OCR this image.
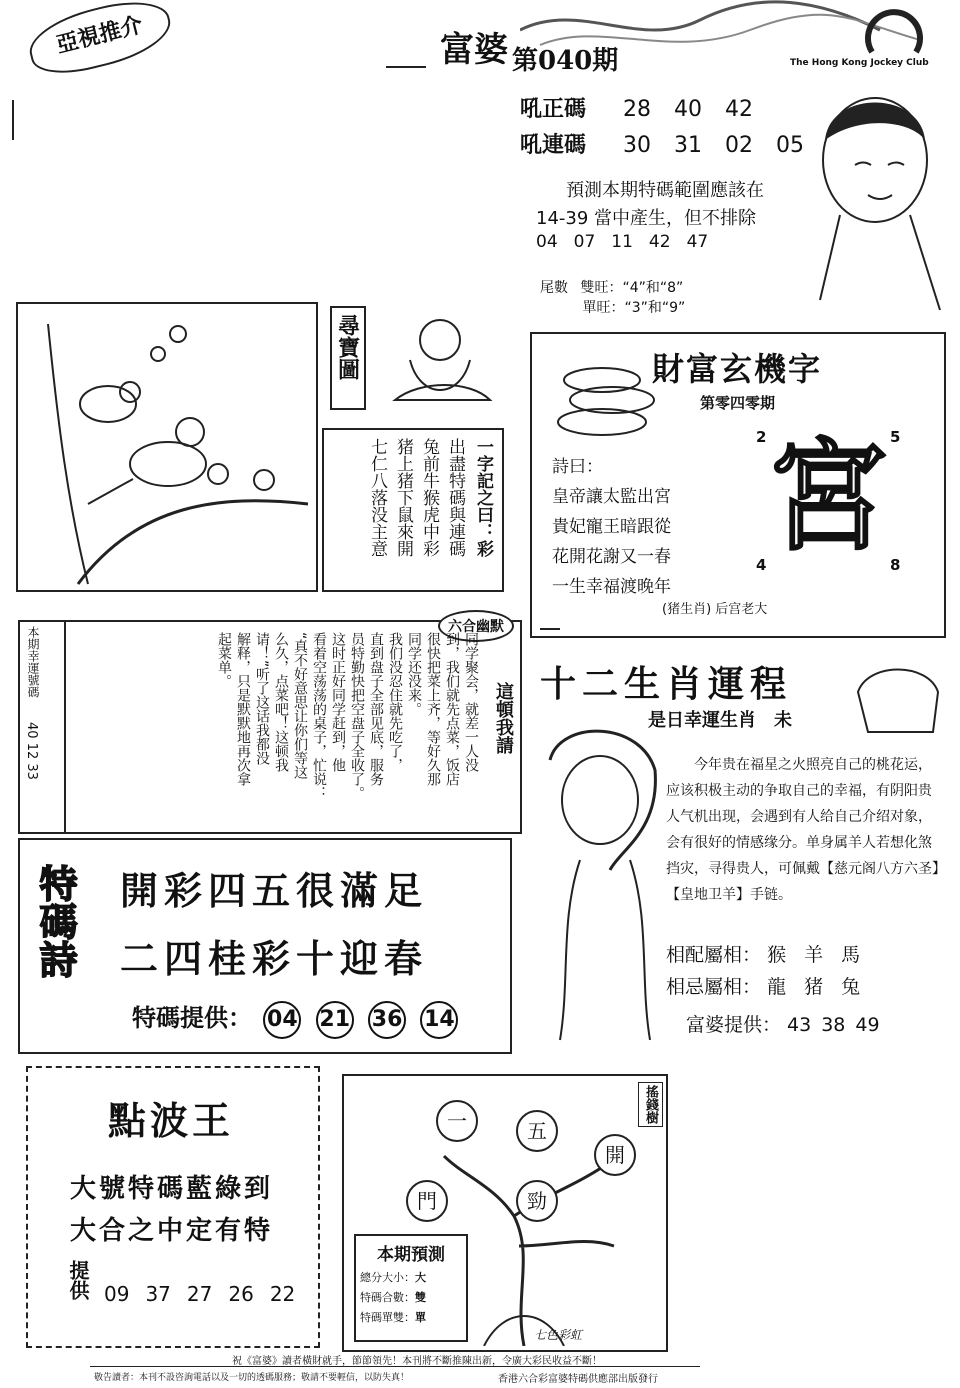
亞視推介	富婆 第040期	The Hong Kong Jockey Club
吼正碼 28 40 42
吼連碼 30 31 02 05
預測本期特碼範圍應該在
14-39 當中產生，但不排除
04 07 11 42 47
尾數 雙旺：“4”和“8”
單旺：“3”和“9”
尋寶圖
一字記之曰：彩
出盡特碼與連碼
兔前牛猴虎中彩
猪上猪下鼠來開
七仁八落没主意
財富玄機字
第零四零期
詩曰：
皇帝讓太監出宮
貴妃寵王暗跟從
花開花謝又一春
一生幸福渡晚年
2	5
4	8
宮
(猪生肖) 后宫老大
本期幸運號碼
40 12 33
六合幽默
這頓我請
同学聚会，就差一人没
到，我们就先点菜，饭店
很快把菜上齐，等好久那
同学还没来。
我们没忍住就先吃了，
直到盘子全部见底，服务
员特勤快把空盘子全收了。
这时正好同学赶到，他
看着空荡荡的桌子，忙说：
“真不好意思让你们等这
么久，点菜吧！这顿我
请！”听了这话我都没
解释，只是默默地再次拿
起菜单。	十二生肖運程
是日幸運生肖　未
今年贵在福星之火照亮自己的桃花运，应该积极主动的争取自己的幸福，有阴阳贵人气机出现，会遇到有人给自己介绍对象，会有很好的情感缘分。单身属羊人若想化煞挡灾，寻得贵人，可佩戴【慈元阁八方六圣】【皇地卫羊】手链。
相配屬相： 猴 羊 馬
相忌屬相： 龍 猪 兔
富婆提供： 43 38 49
特碼詩 開彩四五很滿足
二四桂彩十迎春
特碼提供： 04 21 36 14
點波王
大號特碼藍綠到
大合之中定有特
提供 09 37 27 26 22
一	五
開
門	勁
搖錢樹
七色彩虹
本期預測
總分大小：大
特碼合數：雙
特碼單雙：單
祝《富婆》讀者橫財就手，節節領先！本刊將不斷推陳出新，令廣大彩民收益不斷！
敬告讀者：本刊不設咨詢電話以及一切的透碼服務；敬請不要輕信，以防失真！	香港六合彩富婆特碼供應部出版發行
